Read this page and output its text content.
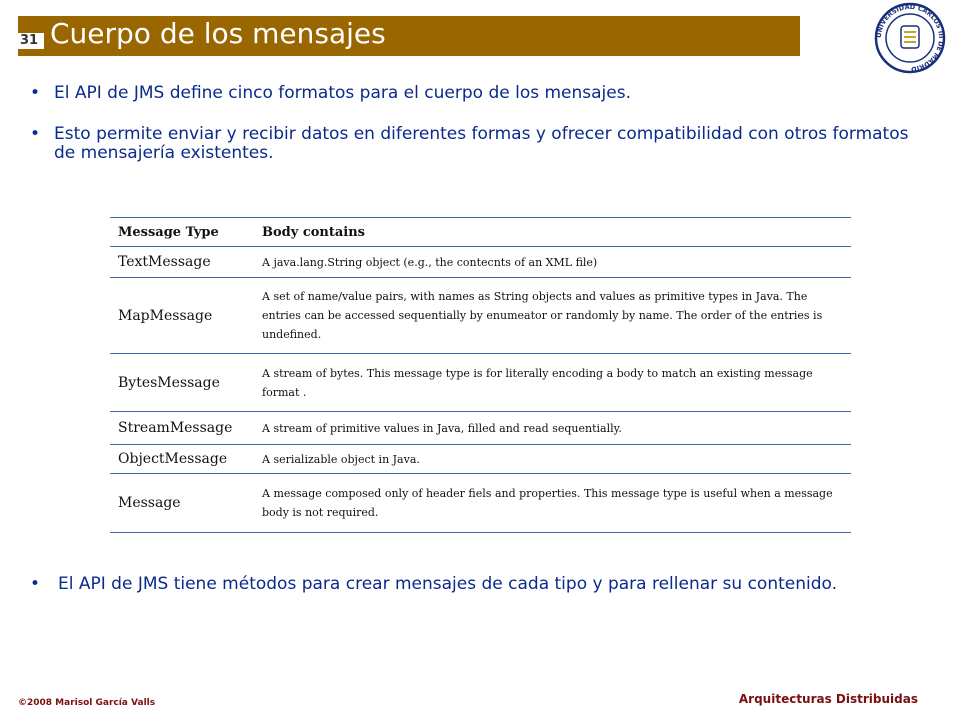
31 Cuerpo de los mensajes	UNIVERSIDAD CARLOS III DE MADRID
• El API de JMS define cinco formatos para el cuerpo de los mensajes.
• Esto permite enviar y recibir datos en diferentes formas y ofrecer compatibilidad con otros formatos de mensajería existentes.
Message Type	Body contains
TextMessage	A java.lang.String object (e.g., the contecnts of an XML file)
MapMessage	A set of name/value pairs, with names as String objects and values as primitive types in Java. The entries can be accessed sequentially by enumeator or randomly by name. The order of the entries is undefined.
BytesMessage	A stream of bytes. This message type is for literally encoding a body to match an existing message format .
StreamMessage	A stream of primitive values in Java, filled and read sequentially.
ObjectMessage	A serializable object in Java.
Message	A message composed only of header fiels and properties. This message type is useful when a message body is not required.
• El API de JMS tiene métodos para crear mensajes de cada tipo y para rellenar su contenido.
©2008 Marisol García Valls	Arquitecturas Distribuidas
